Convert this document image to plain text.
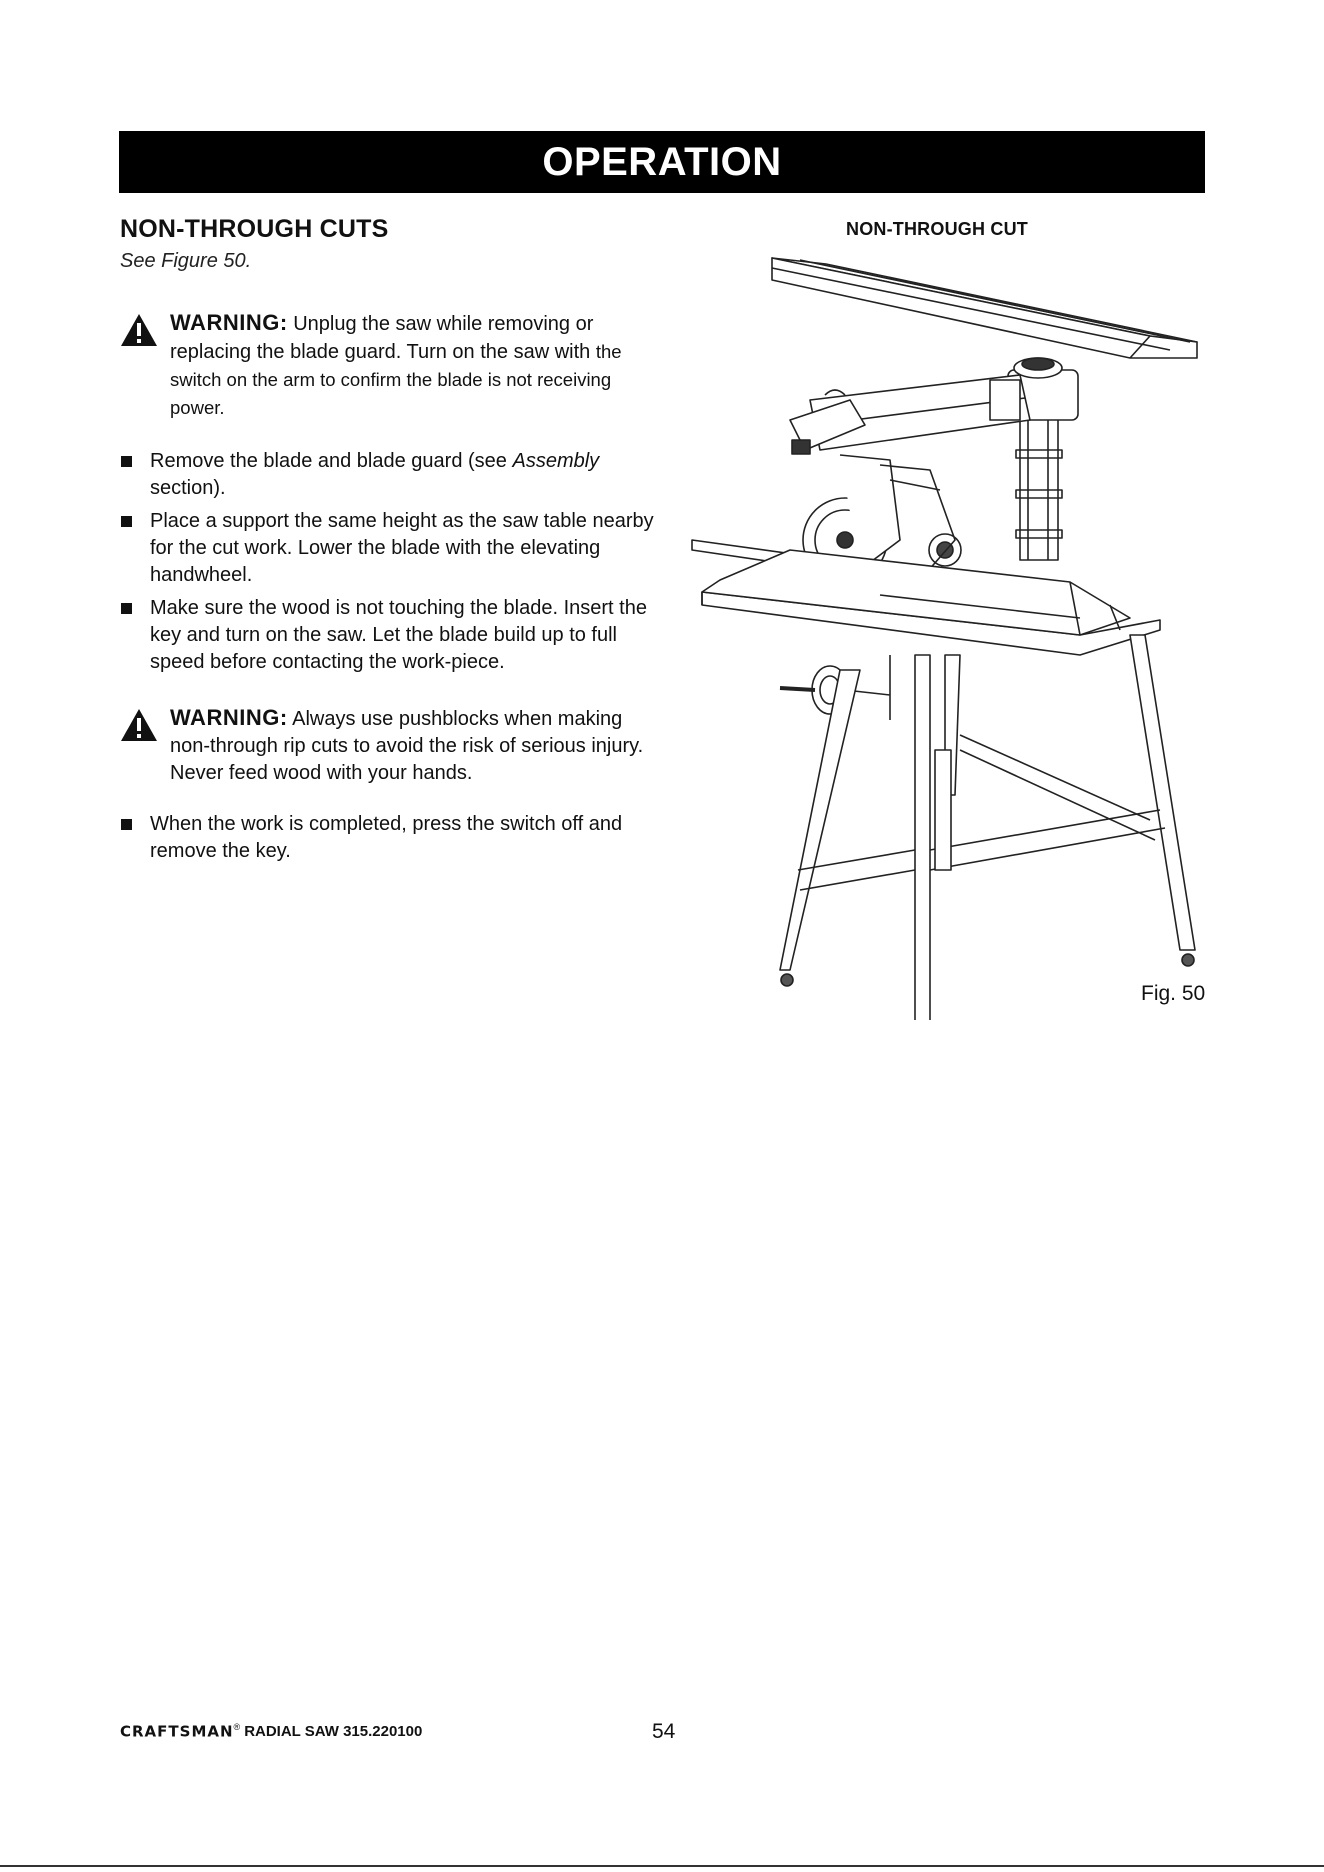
OPERATION
NON-THROUGH CUTS
See Figure 50.
WARNING: Unplug the saw while removing or replacing the blade guard. Turn on the saw with the switch on the arm to confirm the blade is not receiving power.
Remove the blade and blade guard (see Assembly section).
Place a support the same height as the saw table nearby for the cut work. Lower the blade with the elevating handwheel.
Make sure the wood is not touching the blade. Insert the key and turn on the saw. Let the blade build up to full speed before contacting the work-piece.
WARNING: Always use pushblocks when making non-through rip cuts to avoid the risk of serious injury. Never feed wood with your hands.
When the work is completed, press the switch off and remove the key.
NON-THROUGH CUT
Fig. 50
CRAFTSMAN® RADIAL SAW 315.220100	54
